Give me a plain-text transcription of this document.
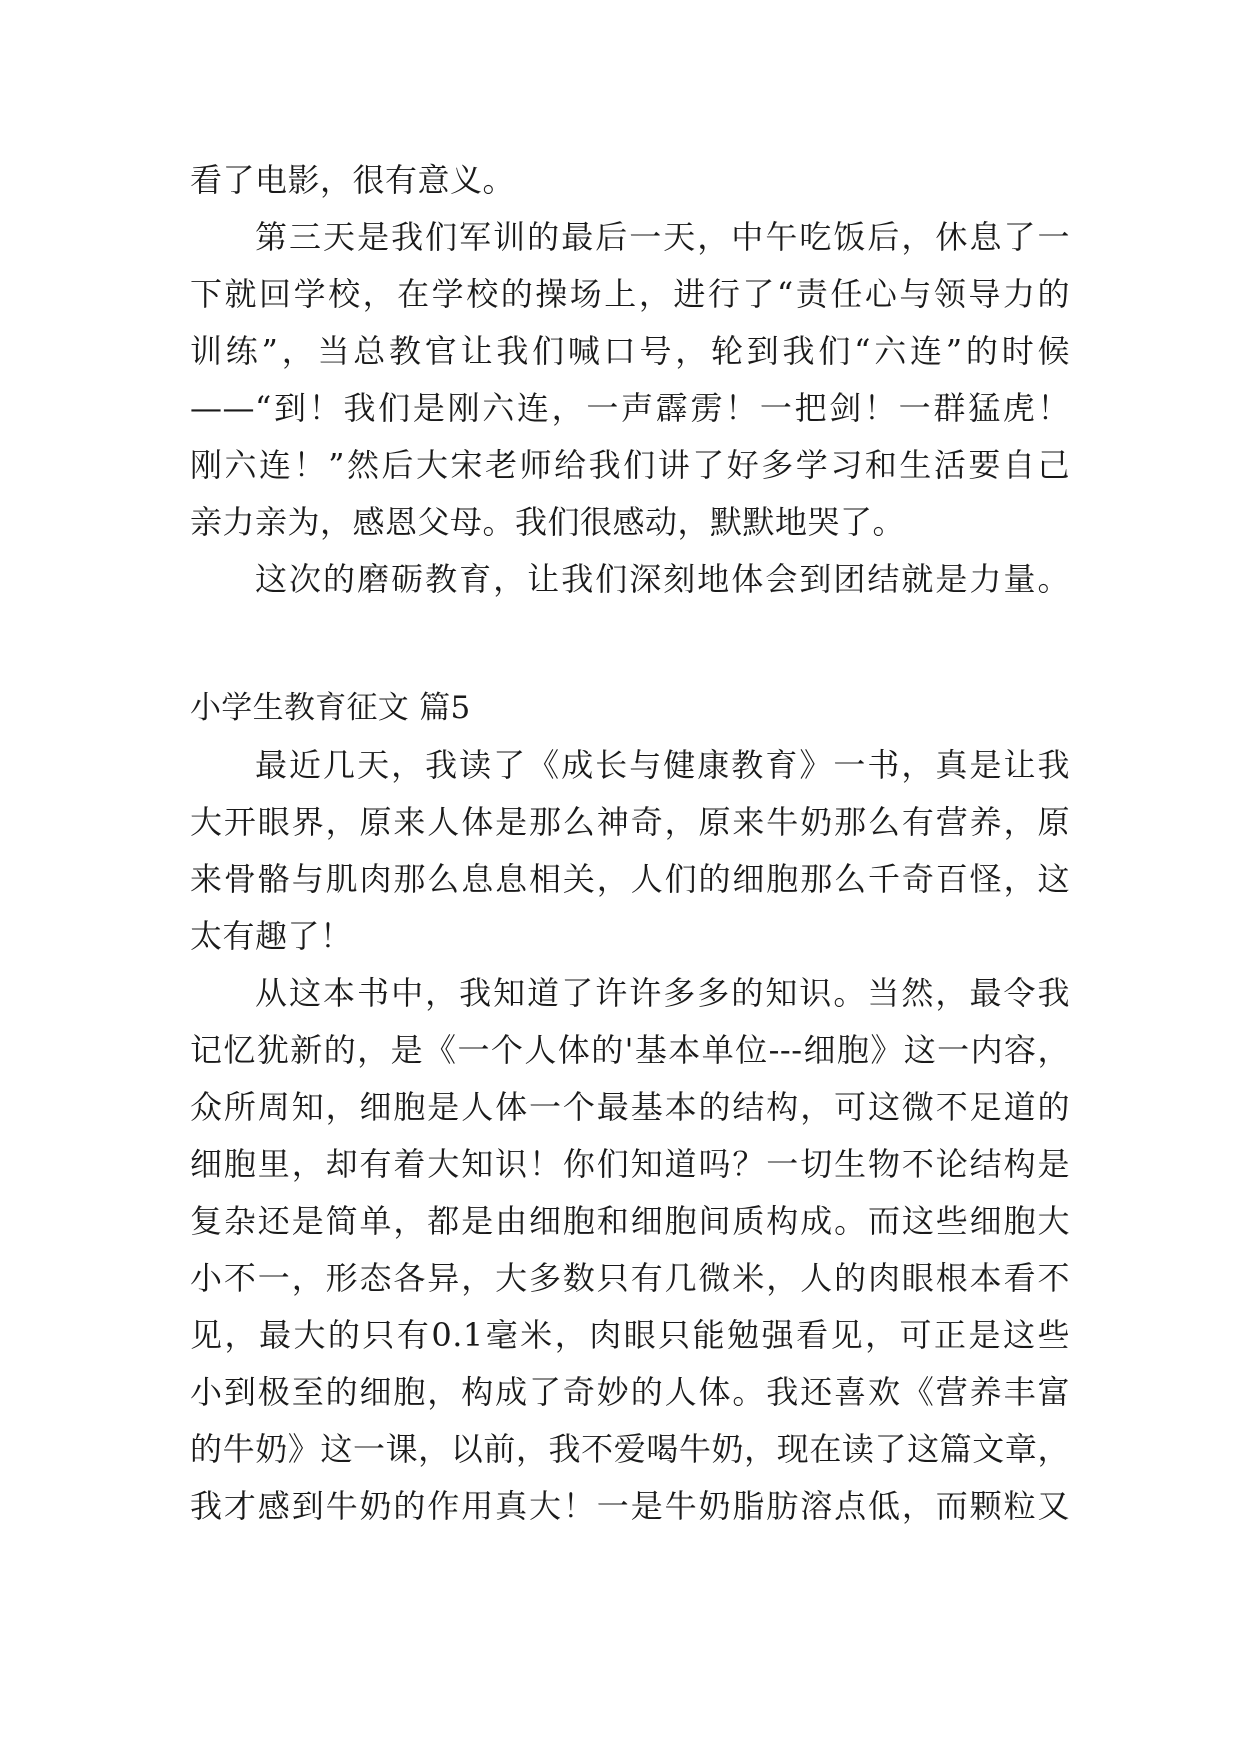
看了电影，很有意义。
第三天是我们军训的最后一天，中午吃饭后，休息了一
下就回学校，在学校的操场上，进行了“责任心与领导力的
训练”，当总教官让我们喊口号，轮到我们“六连”的时候
——“到！我们是刚六连，一声霹雳！一把剑！一群猛虎！
刚六连！”然后大宋老师给我们讲了好多学习和生活要自己
亲力亲为，感恩父母。我们很感动，默默地哭了。
这次的磨砺教育，让我们深刻地体会到团结就是力量。
小学生教育征文 篇5
最近几天，我读了《成长与健康教育》一书，真是让我
大开眼界，原来人体是那么神奇，原来牛奶那么有营养，原
来骨骼与肌肉那么息息相关，人们的细胞那么千奇百怪，这
太有趣了！
从这本书中，我知道了许许多多的知识。当然，最令我
记忆犹新的，是《一个人体的'基本单位---细胞》这一内容，
众所周知，细胞是人体一个最基本的结构，可这微不足道的
细胞里，却有着大知识！你们知道吗？一切生物不论结构是
复杂还是简单，都是由细胞和细胞间质构成。而这些细胞大
小不一，形态各异，大多数只有几微米，人的肉眼根本看不
见，最大的只有0.1毫米，肉眼只能勉强看见，可正是这些
小到极至的细胞，构成了奇妙的人体。我还喜欢《营养丰富
的牛奶》这一课，以前，我不爱喝牛奶，现在读了这篇文章，
我才感到牛奶的作用真大！一是牛奶脂肪溶点低，而颗粒又
